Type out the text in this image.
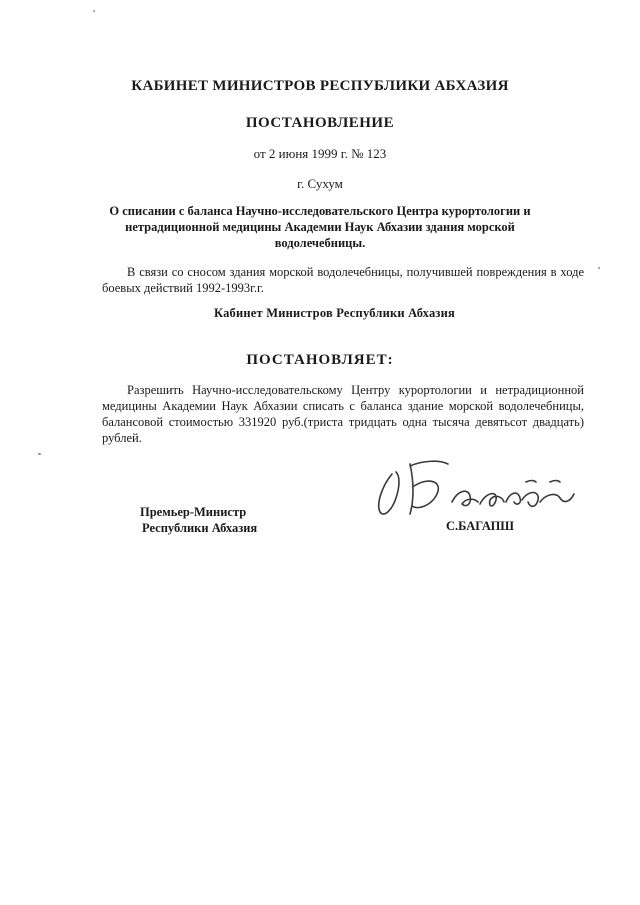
КАБИНЕТ МИНИСТРОВ РЕСПУБЛИКИ АБХАЗИЯ
ПОСТАНОВЛЕНИЕ
от 2 июня 1999 г. № 123
г. Сухум
О списании с баланса Научно-исследовательского Центра курортологии и нетрадиционной медицины Академии Наук Абхазии здания морской водолечебницы.
В связи со сносом здания морской водолечебницы, получившей повреждения в ходе боевых действий 1992-1993г.г.
Кабинет Министров Республики Абхазия
ПОСТАНОВЛЯЕТ:
Разрешить Научно-исследовательскому Центру курортологии и нетрадиционной медицины Академии Наук Абхазии списать с баланса здание морской водолечебницы, балансовой стоимостью 331920 руб.(триста тридцать одна тысяча девятьсот двадцать) рублей.
Премьер-Министр
Республики Абхазия	С.БАГАПШ
